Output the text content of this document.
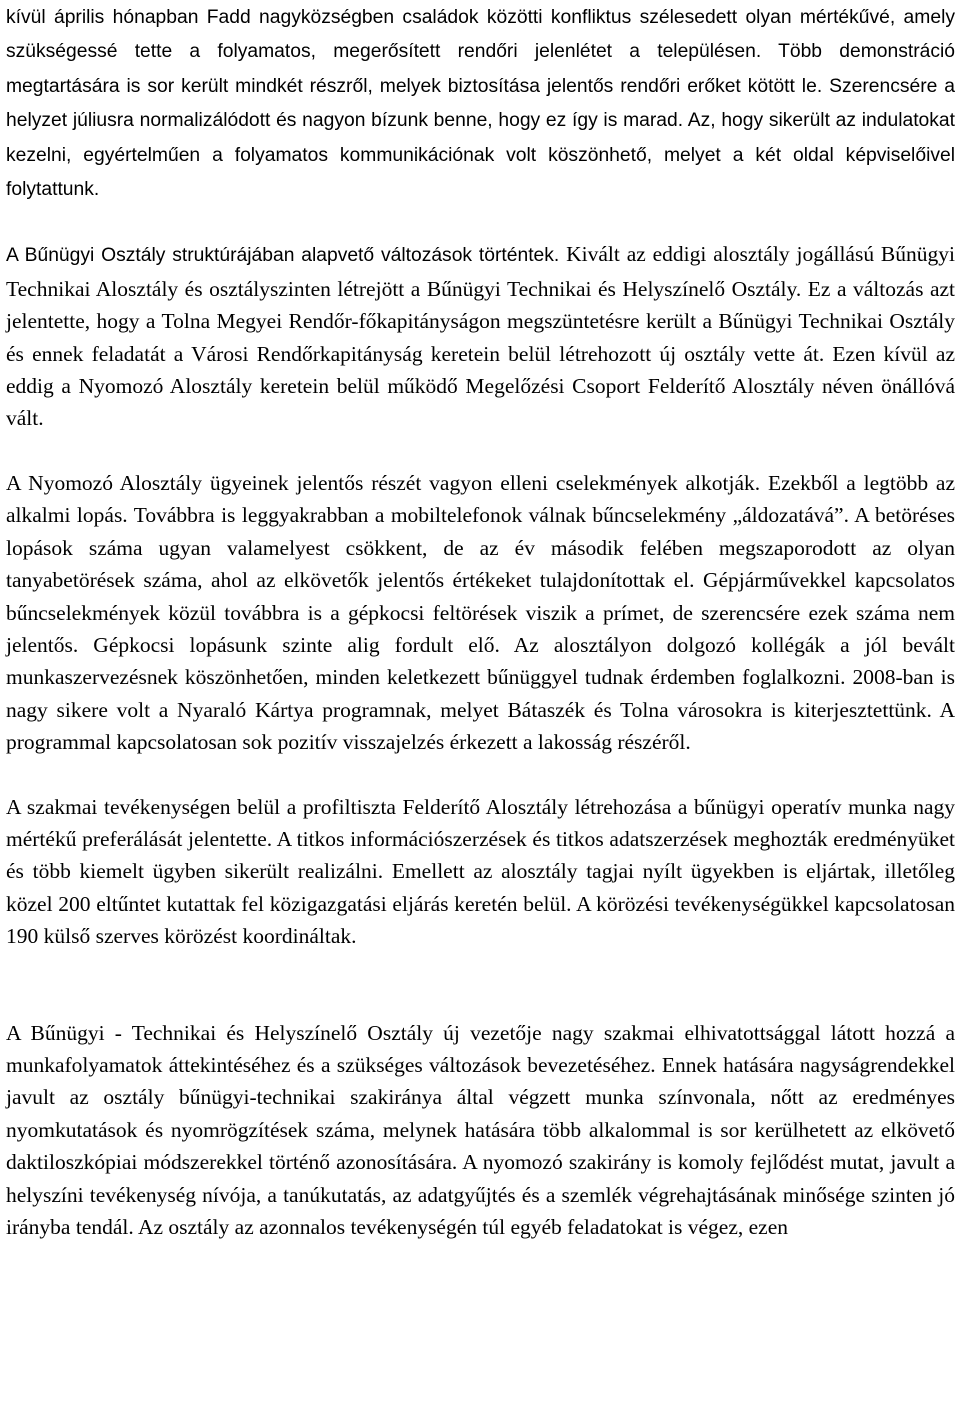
kívül április hónapban Fadd nagyközségben családok közötti konfliktus szélesedett olyan mértékűvé, amely szükségessé tette a folyamatos, megerősített rendőri jelenlétet a településen. Több demonstráció megtartására is sor került mindkét részről, melyek biztosítása jelentős rendőri erőket kötött le. Szerencsére a helyzet júliusra normalizálódott és nagyon bízunk benne, hogy ez így is marad. Az, hogy sikerült az indulatokat kezelni, egyértelműen a folyamatos kommunikációnak volt köszönhető, melyet a két oldal képviselőivel folytattunk.

A Bűnügyi Osztály struktúrájában alapvető változások történtek. Kivált az eddigi alosztály jogállású Bűnügyi Technikai Alosztály és osztályszinten létrejött a Bűnügyi Technikai és Helyszínelő Osztály. Ez a változás azt jelentette, hogy a Tolna Megyei Rendőr-főkapitányságon megszüntetésre került a Bűnügyi Technikai Osztály és ennek feladatát a Városi Rendőrkapitányság keretein belül létrehozott új osztály vette át. Ezen kívül az eddig a Nyomozó Alosztály keretein belül működő Megelőzési Csoport Felderítő Alosztály néven önállóvá vált.

A Nyomozó Alosztály ügyeinek jelentős részét vagyon elleni cselekmények alkotják. Ezekből a legtöbb az alkalmi lopás. Továbbra is leggyakrabban a mobiltelefonok válnak bűncselekmény „áldozatává”. A betöréses lopások száma ugyan valamelyest csökkent, de az év második felében megszaporodott az olyan tanyabetörések száma, ahol az elkövetők jelentős értékeket tulajdonítottak el. Gépjárművekkel kapcsolatos bűncselekmények közül továbbra is a gépkocsi feltörések viszik a prímet, de szerencsére ezek száma nem jelentős. Gépkocsi lopásunk szinte alig fordult elő. Az alosztályon dolgozó kollégák a jól bevált munkaszervezésnek köszönhetően, minden keletkezett bűnüggyel tudnak érdemben foglalkozni. 2008-ban is nagy sikere volt a Nyaraló Kártya programnak, melyet Bátaszék és Tolna városokra is kiterjesztettünk. A programmal kapcsolatosan sok pozitív visszajelzés érkezett a lakosság részéről.

A szakmai tevékenységen belül a profiltiszta Felderítő Alosztály létrehozása a bűnügyi operatív munka nagy mértékű preferálását jelentette. A titkos információszerzések és titkos adatszerzések meghozták eredményüket és több kiemelt ügyben sikerült realizálni. Emellett az alosztály tagjai nyílt ügyekben is eljártak, illetőleg közel 200 eltűntet kutattak fel közigazgatási eljárás keretén belül. A körözési tevékenységükkel kapcsolatosan 190 külső szerves körözést koordináltak.

A Bűnügyi - Technikai és Helyszínelő Osztály új vezetője nagy szakmai elhivatottsággal látott hozzá a munkafolyamatok áttekintéséhez és a szükséges változások bevezetéséhez. Ennek hatására nagyságrendekkel javult az osztály bűnügyi-technikai szakiránya által végzett munka színvonala, nőtt az eredményes nyomkutatások és nyomrögzítések száma, melynek hatására több alkalommal is sor kerülhetett az elkövető daktiloszkópiai módszerekkel történő azonosítására. A nyomozó szakirány is komoly fejlődést mutat, javult a helyszíni tevékenység nívója, a tanúkutatás, az adatgyűjtés és a szemlék végrehajtásának minősége szinten jó irányba tendál. Az osztály az azonnalos tevékenységén túl egyéb feladatokat is végez, ezen
